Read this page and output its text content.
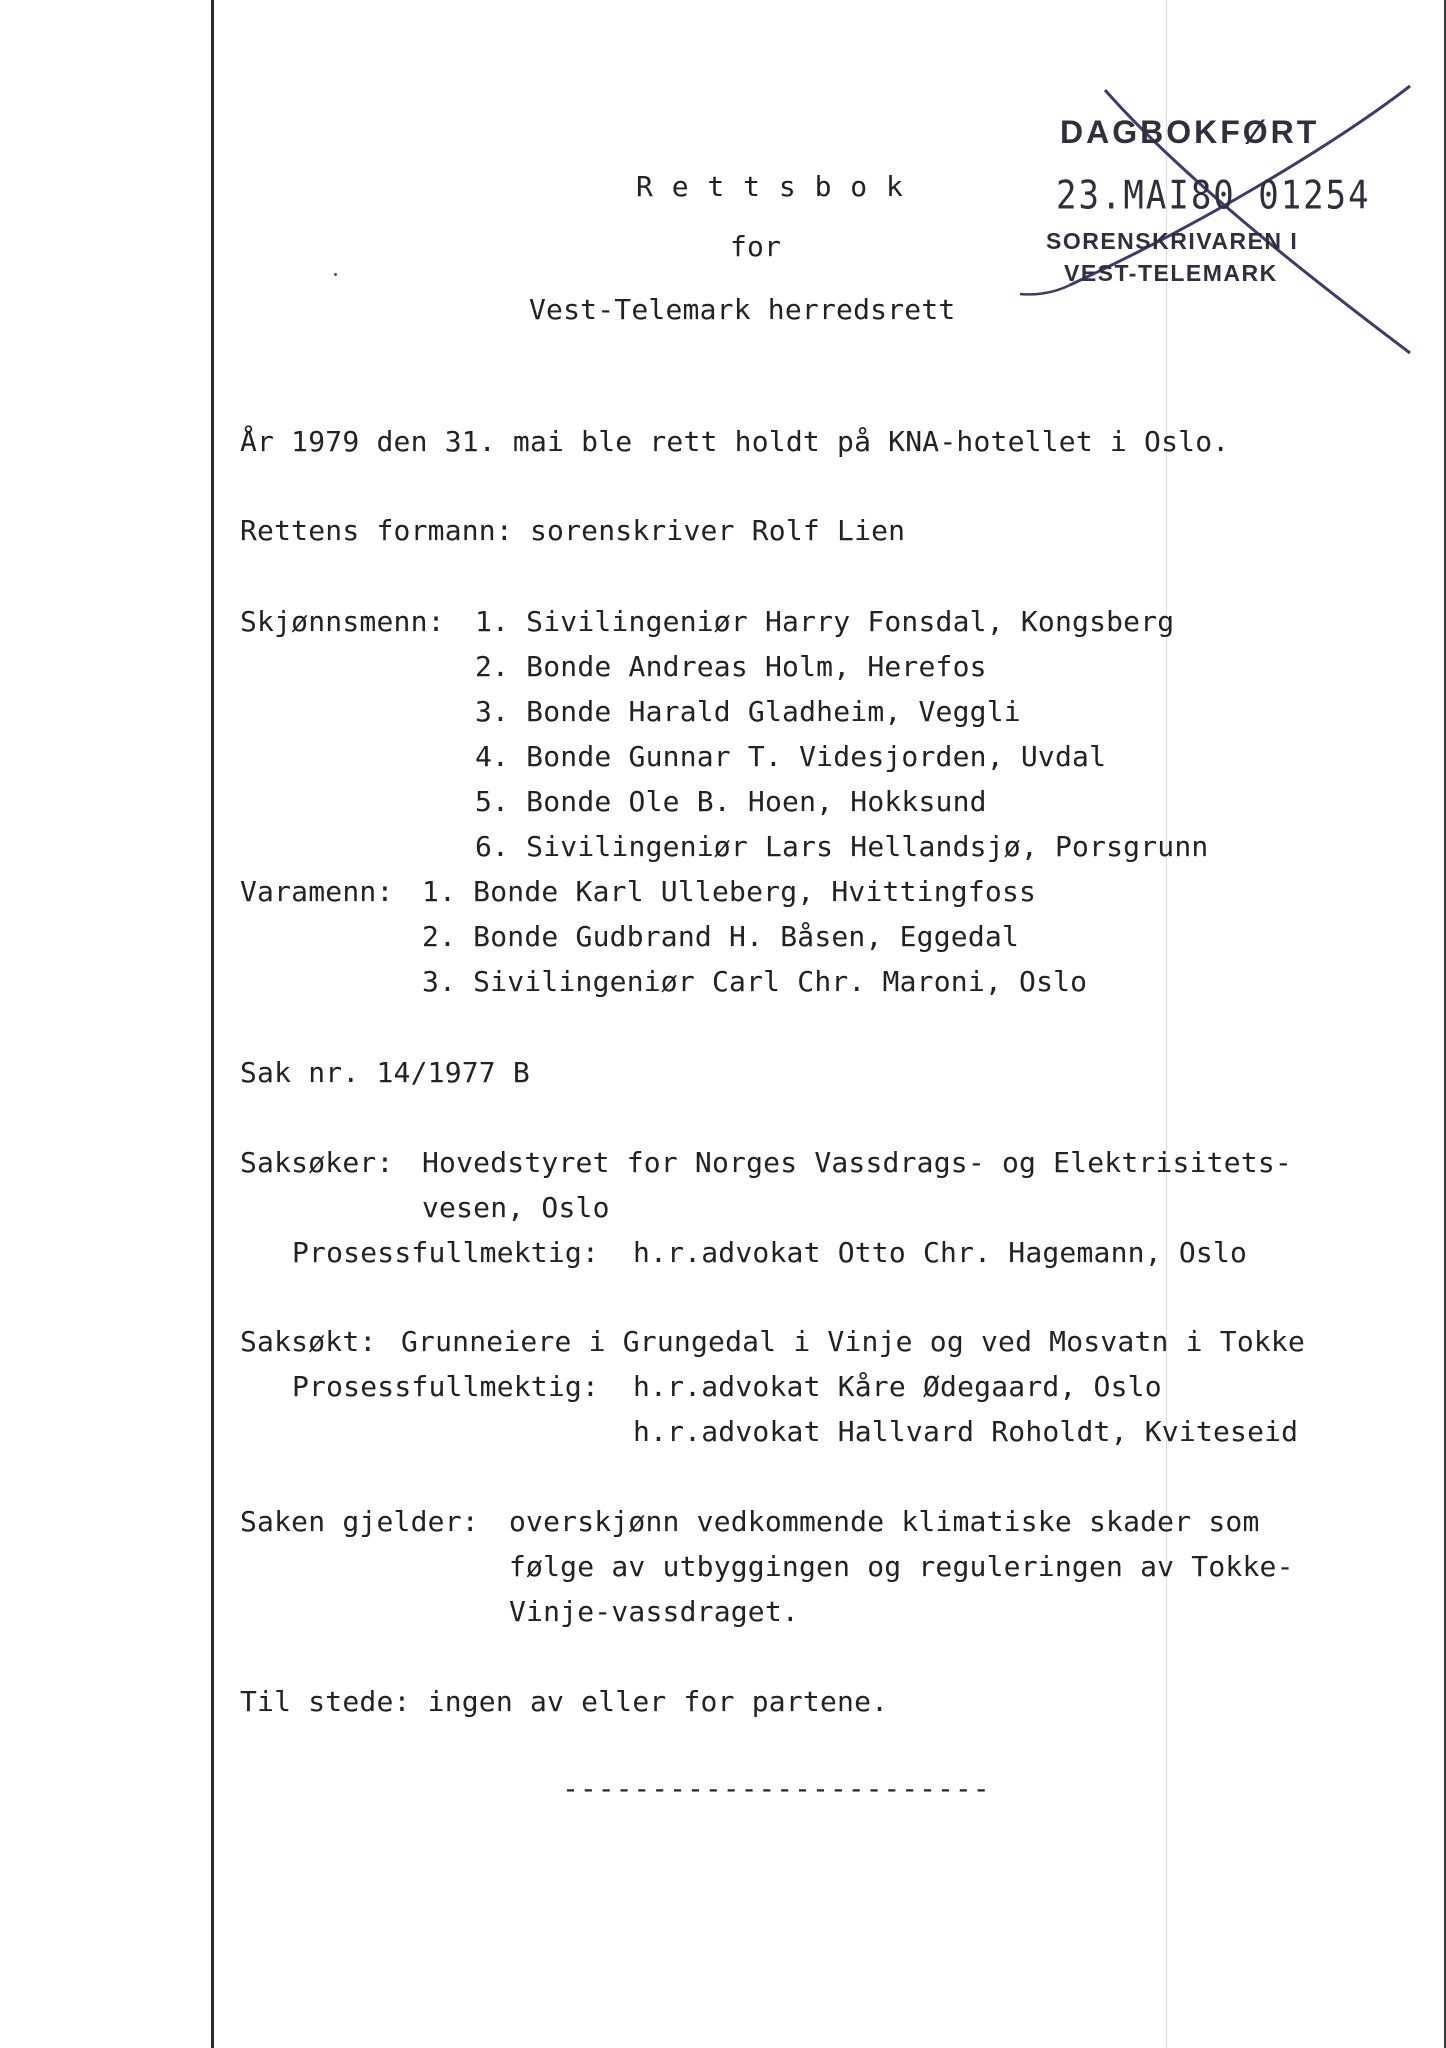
R e t t s b o k
for
Vest-Telemark herredsrett
DAGBOKFØRT
23.MAI80 01254
SORENSKRIVAREN I
VEST-TELEMARK
År 1979 den 31. mai ble rett holdt på KNA-hotellet i Oslo.
Rettens formann: sorenskriver Rolf Lien
Skjønnsmenn: 1. Sivilingeniør Harry Fonsdal, Kongsberg
2. Bonde Andreas Holm, Herefos
3. Bonde Harald Gladheim, Veggli
4. Bonde Gunnar T. Videsjorden, Uvdal
5. Bonde Ole B. Hoen, Hokksund
6. Sivilingeniør Lars Hellandsjø, Porsgrunn
Varamenn: 1. Bonde Karl Ulleberg, Hvittingfoss
2. Bonde Gudbrand H. Båsen, Eggedal
3. Sivilingeniør Carl Chr. Maroni, Oslo
Sak nr. 14/1977 B
Saksøker: Hovedstyret for Norges Vassdrags- og Elektrisitets-
vesen, Oslo
Prosessfullmektig: h.r.advokat Otto Chr. Hagemann, Oslo
Saksøkt: Grunneiere i Grungedal i Vinje og ved Mosvatn i Tokke
Prosessfullmektig: h.r.advokat Kåre Ødegaard, Oslo
h.r.advokat Hallvard Roholdt, Kviteseid
Saken gjelder: overskjønn vedkommende klimatiske skader som
følge av utbyggingen og reguleringen av Tokke-
Vinje-vassdraget.
Til stede: ingen av eller for partene.
------------------------
